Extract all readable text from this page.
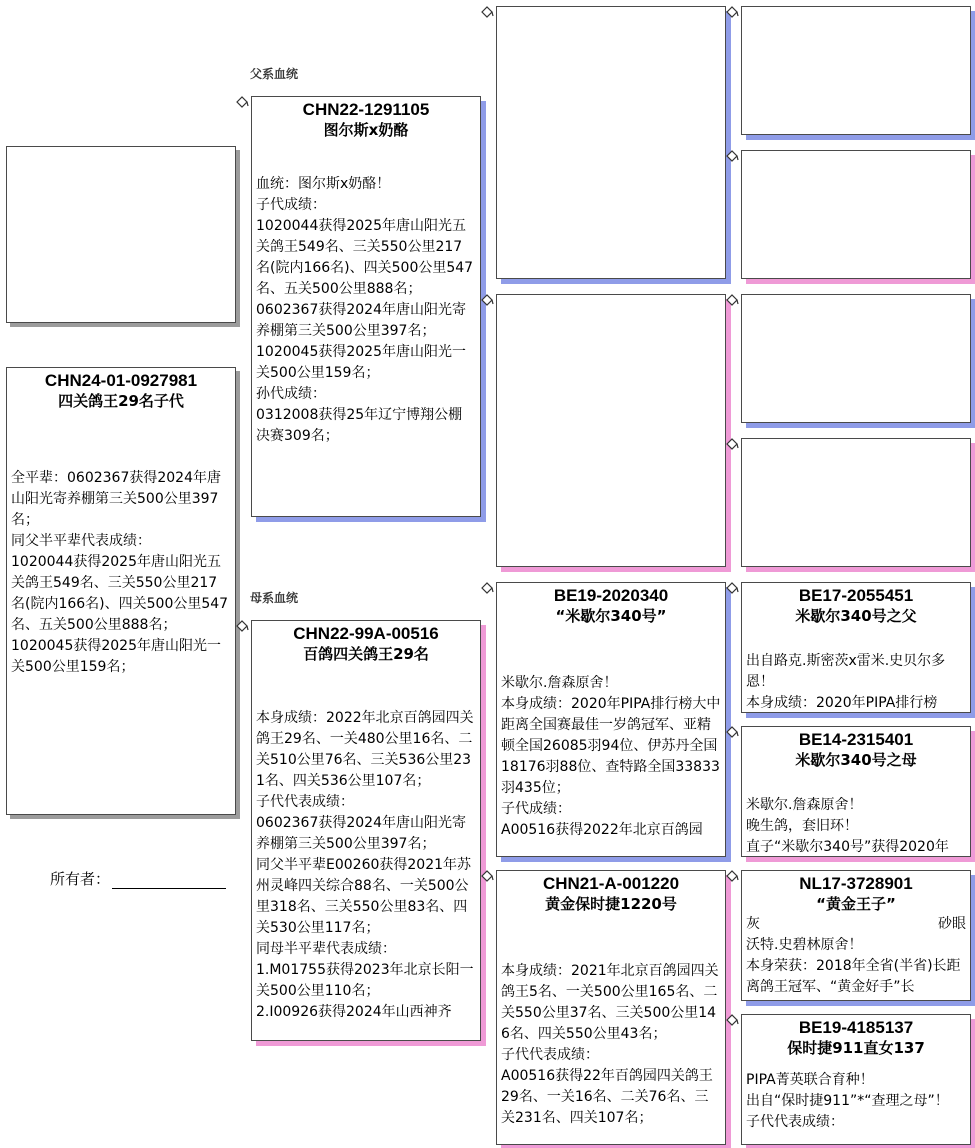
父系血统
母系血统
CHN24-01-0927981
四关鸽王29名子代
全平辈：0602367获得2024年唐山阳光寄养棚第三关500公里397名；
同父半平辈代表成绩：
1020044获得2025年唐山阳光五关鸽王549名、三关550公里217名(院内166名)、四关500公里547名、五关500公里888名；
1020045获得2025年唐山阳光一关500公里159名；
所有者：
CHN22-1291105
图尔斯x奶酪
血统：图尔斯x奶酪！
子代成绩：
1020044获得2025年唐山阳光五关鸽王549名、三关550公里217名(院内166名)、四关500公里547名、五关500公里888名；
0602367获得2024年唐山阳光寄养棚第三关500公里397名；
1020045获得2025年唐山阳光一关500公里159名；
孙代成绩：
0312008获得25年辽宁博翔公棚决赛309名；
CHN22-99A-00516
百鸽四关鸽王29名
本身成绩：2022年北京百鸽园四关鸽王29名、一关480公里16名、二关510公里76名、三关536公里231名、四关536公里107名；
子代代表成绩：
0602367获得2024年唐山阳光寄养棚第三关500公里397名；
同父半平辈E00260获得2021年苏州灵峰四关综合88名、一关500公里318名、三关550公里83名、四关530公里117名；
同母半平辈代表成绩：
1.M01755获得2023年北京长阳一关500公里110名；
2.I00926获得2024年山西神齐
BE19-2020340
“米歇尔340号”
米歇尔.詹森原舍！
本身成绩：2020年PIPA排行榜大中距离全国赛最佳一岁鸽冠军、亚精顿全国26085羽94位、伊苏丹全国18176羽88位、查特路全国33833羽435位；
子代成绩：
A00516获得2022年北京百鸽园
CHN21-A-001220
黄金保时捷1220号
本身成绩：2021年北京百鸽园四关鸽王5名、一关500公里165名、二关550公里37名、三关500公里146名、四关550公里43名；
子代代表成绩：
A00516获得22年百鸽园四关鸽王29名、一关16名、二关76名、三关231名、四关107名；
BE17-2055451
米歇尔340号之父
出自路克.斯密茨x雷米.史贝尔多恩！
本身成绩：2020年PIPA排行榜
BE14-2315401
米歇尔340号之母
米歇尔.詹森原舍！
晚生鸽，套旧环！
直子“米歇尔340号”获得2020年
NL17-3728901
“黄金王子”
灰	砂眼
沃特.史碧林原舍！
本身荣获：2018年全省(半省)长距离鸽王冠军、“黄金好手”长
BE19-4185137
保时捷911直女137
PIPA菁英联合育种！
出自“保时捷911”*“查理之母”！
子代代表成绩：
